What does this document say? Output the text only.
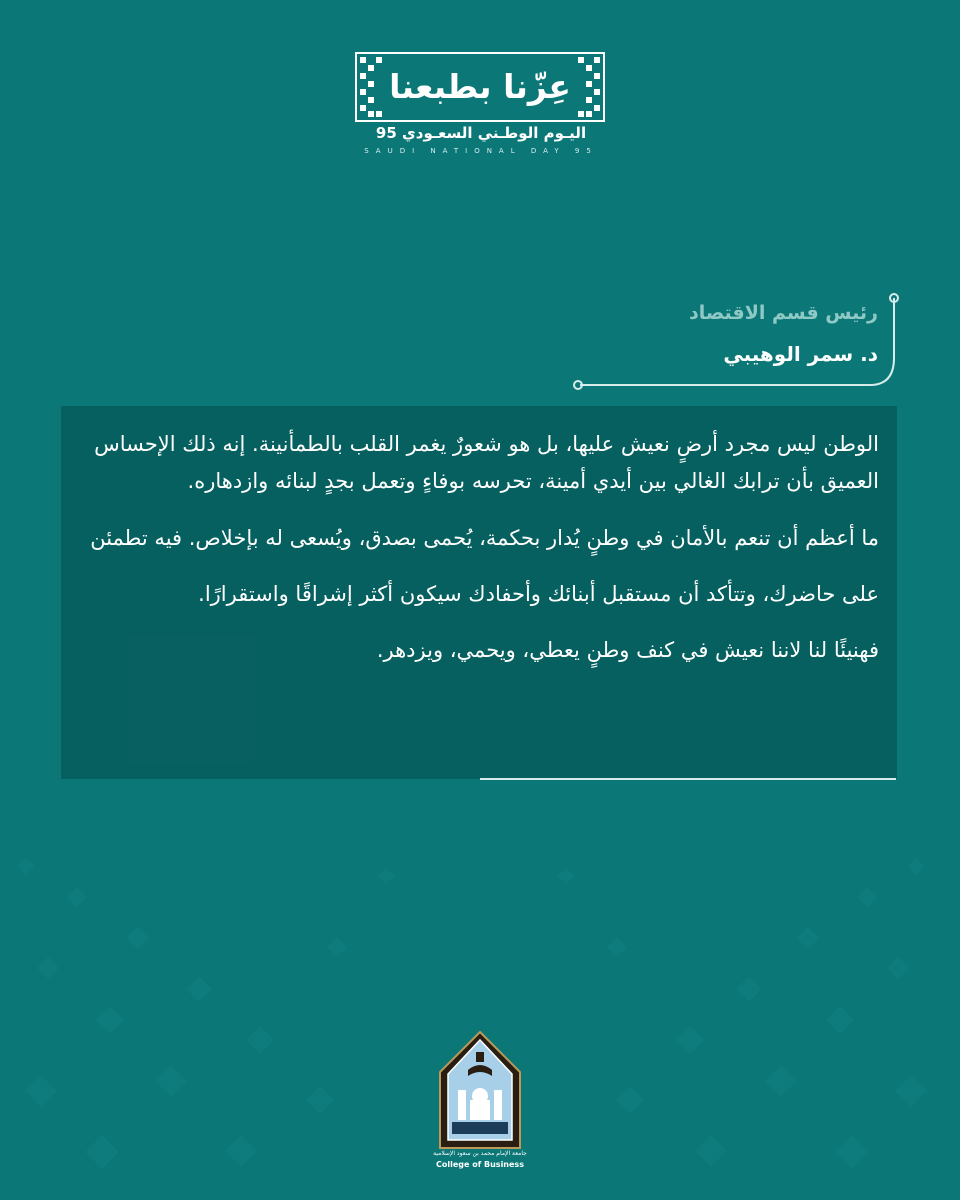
عِزّنا بطبعنا
اليـوم الوطـني السعـودي 95
SAUDI NATIONAL DAY 95
رئيس قسم الاقتصاد
د. سمر الوهيبي

الوطن ليس مجرد أرضٍ نعيش عليها، بل هو شعورٌ يغمر القلب بالطمأنينة. إنه ذلك الإحساس العميق بأن ترابك الغالي بين أيدي أمينة، تحرسه بوفاءٍ وتعمل بجدٍ لبنائه وازدهاره.

ما أعظم أن تنعم بالأمان في وطنٍ يُدار بحكمة، يُحمى بصدق، ويُسعى له بإخلاص. فيه تطمئن على حاضرك، وتتأكد أن مستقبل أبنائك وأحفادك سيكون أكثر إشراقًا واستقرارًا.

فهنيئًا لنا لاننا نعيش في كنف وطنٍ يعطي، ويحمي، ويزدهر.

جامعة الإمام محمد بن سعود الإسلامية
College of Business
